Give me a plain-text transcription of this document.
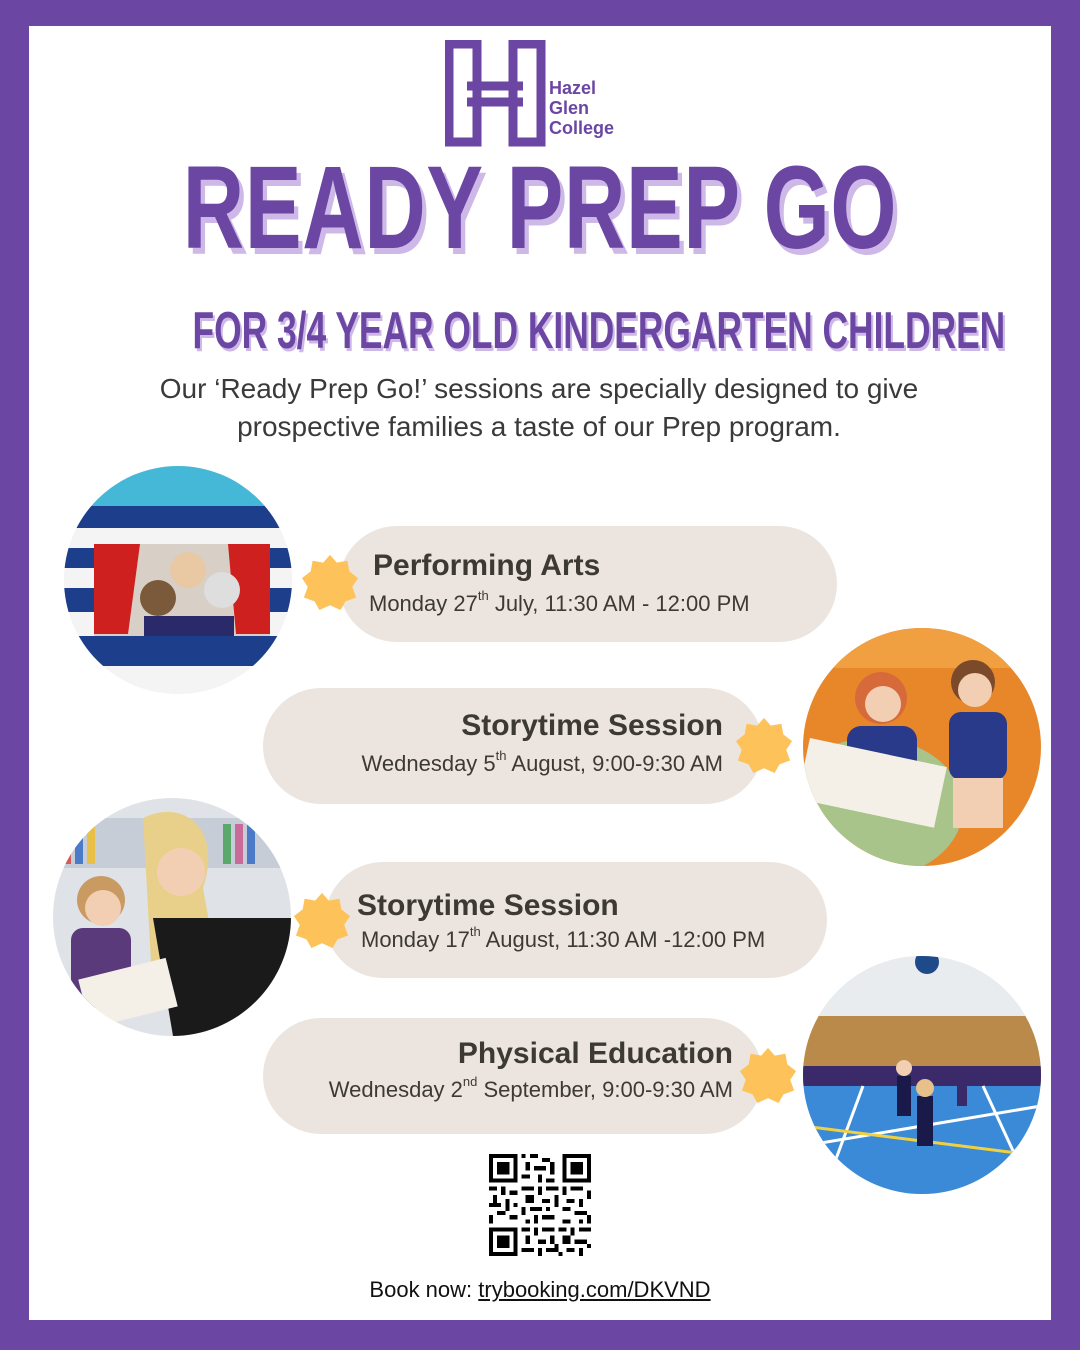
Hazel
Glen
College
READY PREP GO
FOR 3/4 YEAR OLD KINDERGARTEN CHILDREN
Our ‘Ready Prep Go!’ sessions are specially designed to give
prospective families a taste of our Prep program.
Performing Arts
Monday 27th July, 11:30 AM - 12:00 PM
Storytime Session
Wednesday 5th August, 9:00-9:30 AM
Storytime Session
Monday 17th August, 11:30 AM -12:00 PM
Physical Education
Wednesday 2nd September, 9:00-9:30 AM
Book now: trybooking.com/DKVND
